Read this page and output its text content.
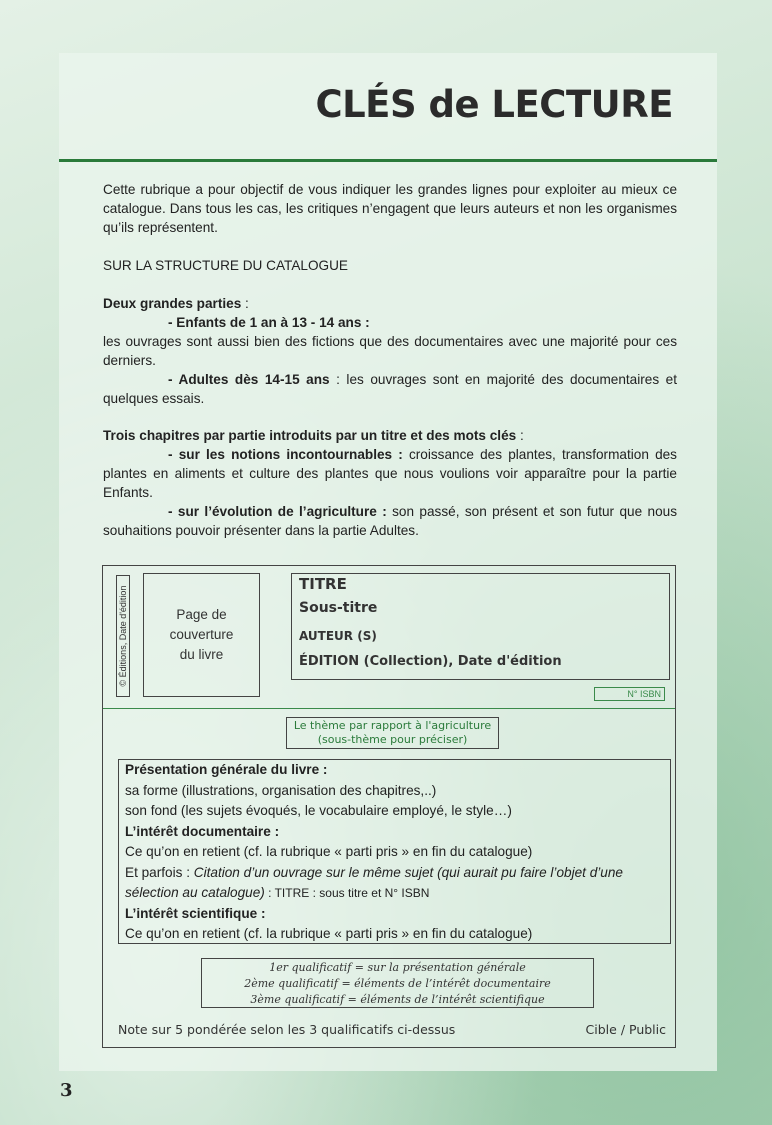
CLÉS de LECTURE

Cette rubrique a pour objectif de vous indiquer les grandes lignes pour exploiter au mieux ce catalogue. Dans tous les cas, les critiques n’engagent que leurs auteurs et non les organismes qu’ils représentent.

SUR LA STRUCTURE DU CATALOGUE

Deux grandes parties :
- Enfants de 1 an à 13 - 14 ans :
les ouvrages sont aussi bien des fictions que des documentaires avec une majorité pour ces derniers.
- Adultes dès 14-15 ans : les ouvrages sont en majorité des documentaires et quelques essais.
Trois chapitres par partie introduits par un titre et des mots clés :
- sur les notions incontournables : croissance des plantes, transformation des plantes en aliments et culture des plantes que nous voulions voir apparaître pour la partie Enfants.
- sur l’évolution de l’agriculture : son passé, son présent et son futur que nous souhaitions pouvoir présenter dans la partie Adultes.
© Éditions, Date d'édition	Page de
couverture
du livre
TITRE
Sous-titre
AUTEUR (S)
ÉDITION (Collection), Date d'édition
N° ISBN
Le thème par rapport à l'agriculture
(sous-thème pour préciser)

Présentation générale du livre :

sa forme (illustrations, organisation des chapitres,..)

son fond (les sujets évoqués, le vocabulaire employé, le style…)

L’intérêt documentaire :

Ce qu’on en retient (cf. la rubrique « parti pris » en fin du catalogue)

Et parfois : Citation d’un ouvrage sur le même sujet (qui aurait pu faire l’objet d’une sélection au catalogue) : TITRE : sous titre et N° ISBN

L’intérêt scientifique :

Ce qu’on en retient (cf. la rubrique « parti pris » en fin du catalogue)

1er qualificatif = sur la présentation générale
2ème qualificatif = éléments de l’intérêt documentaire
3ème qualificatif = éléments de l’intérêt scientifique
Note sur 5 pondérée selon les 3 qualificatifs ci-dessus	Cible / Public
3
